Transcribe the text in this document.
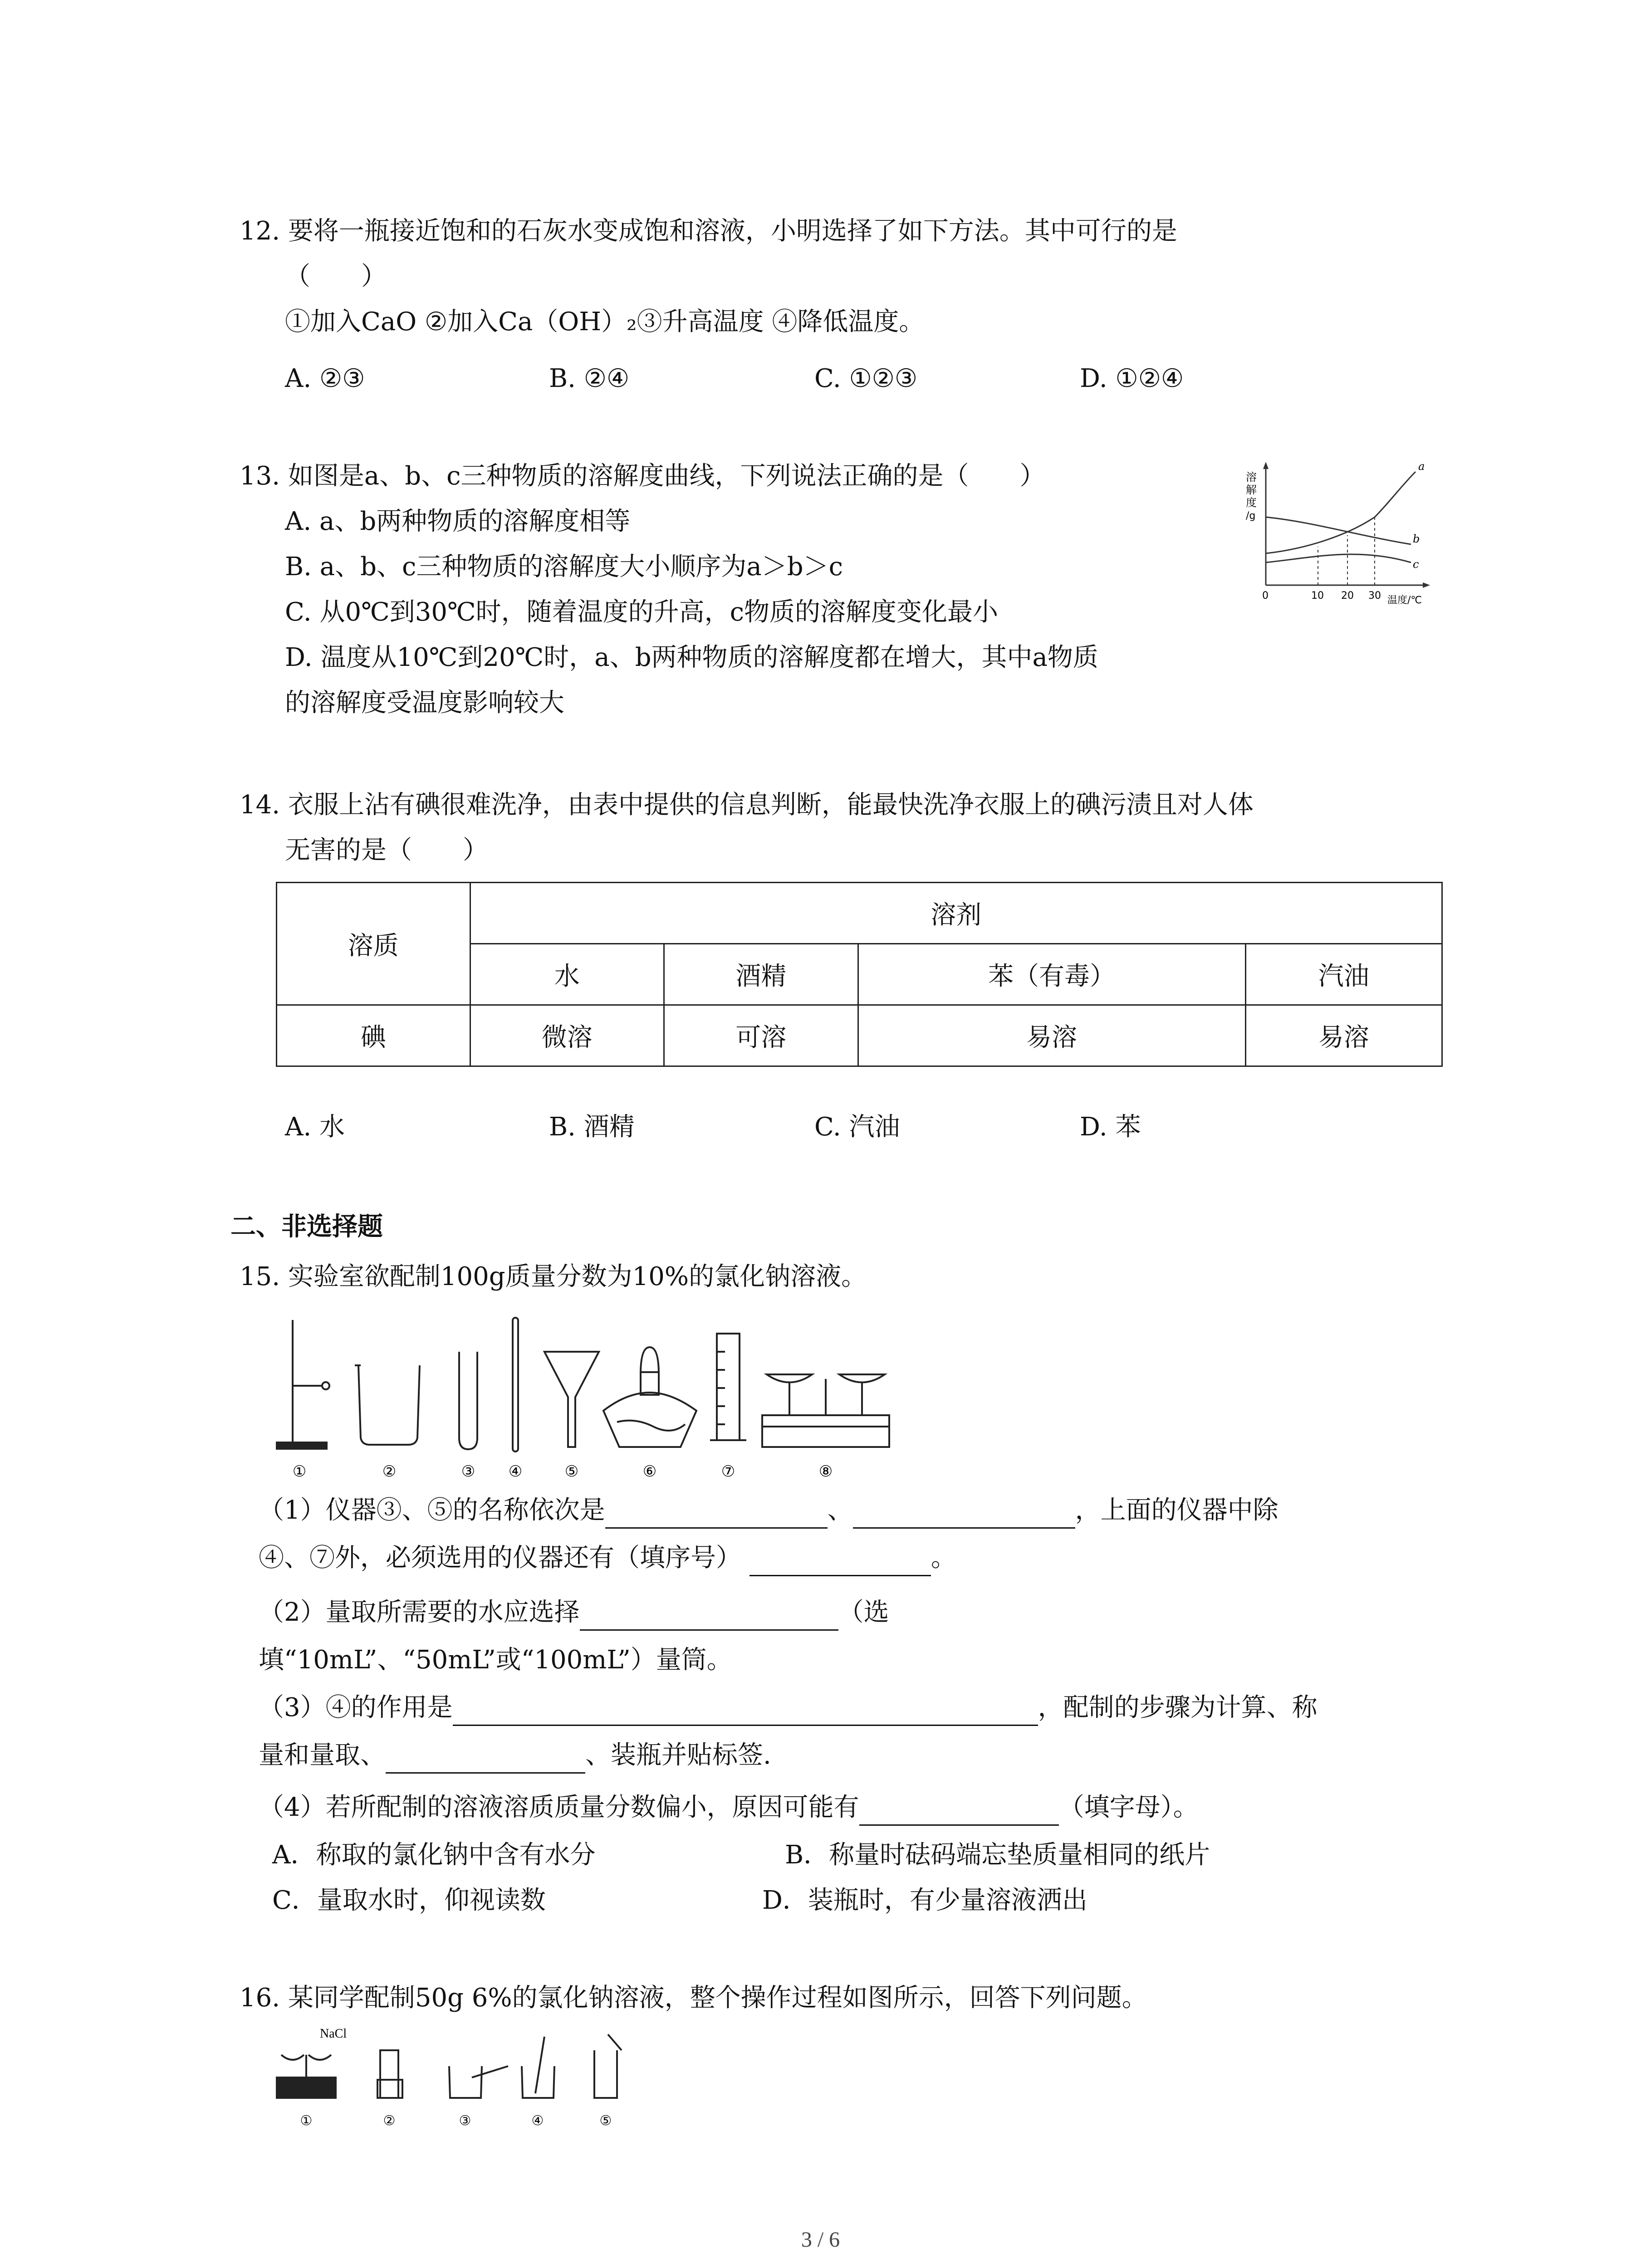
12. 要将一瓶接近饱和的石灰水变成饱和溶液，小明选择了如下方法。其中可行的是
（　　）
①加入CaO ②加入Ca（OH）₂③升高温度 ④降低温度。
A. ②③	B. ②④	C. ①②③	D. ①②④
13. 如图是a、b、c三种物质的溶解度曲线，下列说法正确的是（　　）
A. a、b两种物质的溶解度相等
B. a、b、c三种物质的溶解度大小顺序为a＞b＞c
C. 从0℃到30℃时，随着温度的升高，c物质的溶解度变化最小
D. 温度从10℃到20℃时，a、b两种物质的溶解度都在增大，其中a物质
的溶解度受温度影响较大
溶
解
度
/g
a
b
c
0	10 20 30 温度/℃
14. 衣服上沾有碘很难洗净，由表中提供的信息判断，能最快洗净衣服上的碘污渍且对人体
无害的是（　　）
溶质	溶剂			
	水	酒精	苯（有毒）	汽油
碘	微溶	可溶	易溶	易溶
A. 水	B. 酒精	C. 汽油	D. 苯
二、非选择题
15. 实验室欲配制100g质量分数为10%的氯化钠溶液。
①	②	③ ④	⑤	⑥	⑦	⑧
（1）仪器③、⑤的名称依次是	、	，上面的仪器中除
④、⑦外，必须选用的仪器还有（填序号）	。
（2）量取所需要的水应选择	（选
填“10mL”、“50mL”或“100mL”）量筒。
（3）④的作用是	，配制的步骤为计算、称
量和量取、	、装瓶并贴标签.
（4）若所配制的溶液溶质质量分数偏小，原因可能有	（填字母）。
A．称取的氯化钠中含有水分	B．称量时砝码端忘垫质量相同的纸片
C．量取水时，仰视读数	D．装瓶时，有少量溶液洒出
16. 某同学配制50g 6%的氯化钠溶液，整个操作过程如图所示，回答下列问题。
NaCl
①	②	③	④	⑤
3 / 6
